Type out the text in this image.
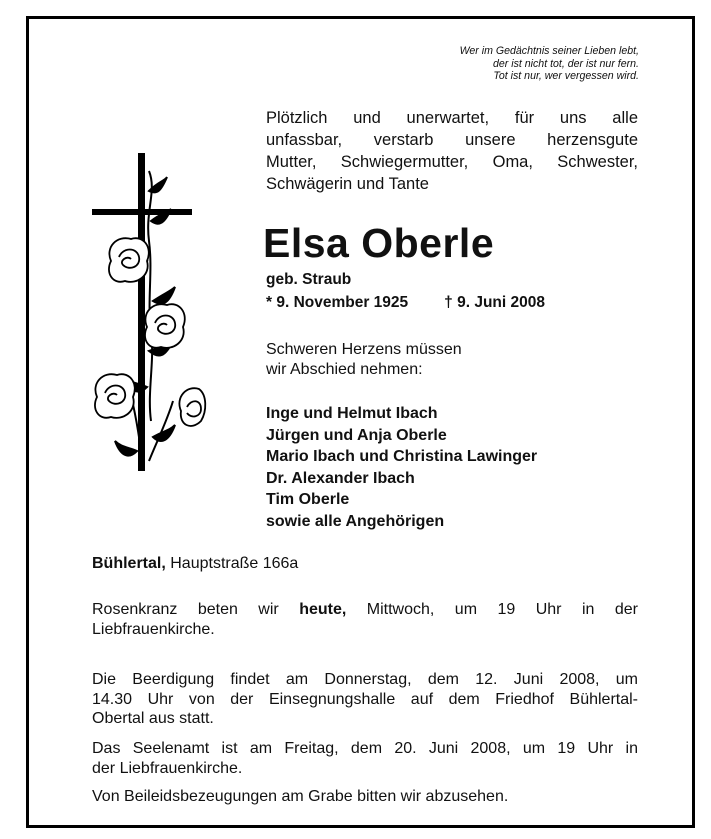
Wer im Gedächtnis seiner Lieben lebt,
der ist nicht tot, der ist nur fern.
Tot ist nur, wer vergessen wird.
Plötzlich und unerwartet, für uns alle
unfassbar, verstarb unsere herzensgute
Mutter, Schwiegermutter, Oma, Schwester,
Schwägerin und Tante
Elsa Oberle
geb. Straub
* 9. November 1925 † 9. Juni 2008
Schweren Herzens müssen
wir Abschied nehmen:
Inge und Helmut Ibach
Jürgen und Anja Oberle
Mario Ibach und Christina Lawinger
Dr. Alexander Ibach
Tim Oberle
sowie alle Angehörigen
Bühlertal, Hauptstraße 166a
Rosenkranz beten wir heute, Mittwoch, um 19 Uhr in der
Liebfrauenkirche.
Die Beerdigung findet am Donnerstag, dem 12. Juni 2008, um
14.30 Uhr von der Einsegnungshalle auf dem Friedhof Bühlertal-
Obertal aus statt.
Das Seelenamt ist am Freitag, dem 20. Juni 2008, um 19 Uhr in
der Liebfrauenkirche.
Von Beileidsbezeugungen am Grabe bitten wir abzusehen.
